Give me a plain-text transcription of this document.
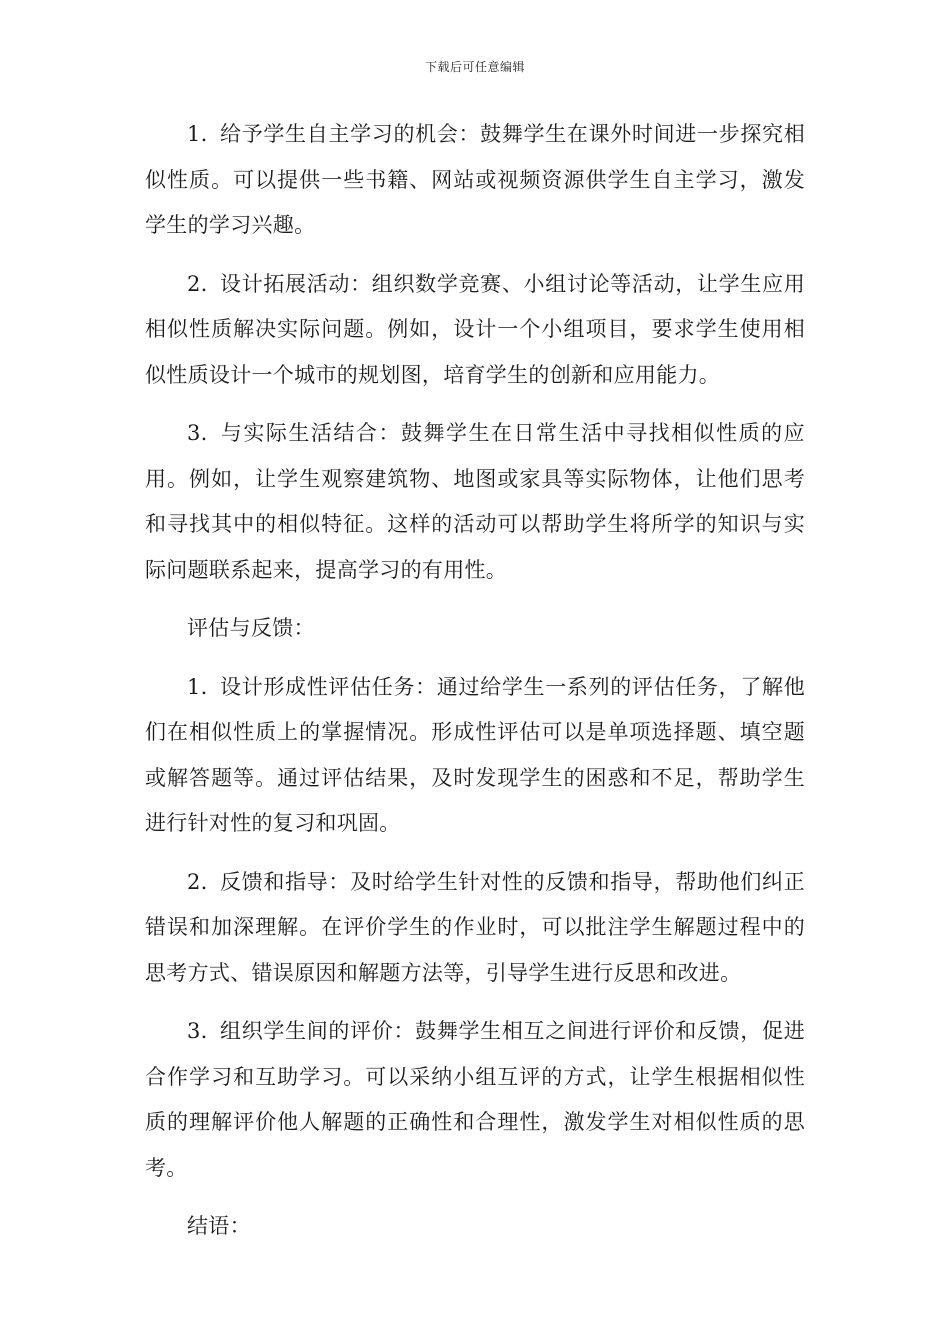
下载后可任意编辑

1. 给予学生自主学习的机会：鼓舞学生在课外时间进一步探究相似性质。可以提供一些书籍、网站或视频资源供学生自主学习，激发学生的学习兴趣。

2. 设计拓展活动：组织数学竞赛、小组讨论等活动，让学生应用相似性质解决实际问题。例如，设计一个小组项目，要求学生使用相似性质设计一个城市的规划图，培育学生的创新和应用能力。

3. 与实际生活结合：鼓舞学生在日常生活中寻找相似性质的应用。例如，让学生观察建筑物、地图或家具等实际物体，让他们思考和寻找其中的相似特征。这样的活动可以帮助学生将所学的知识与实际问题联系起来，提高学习的有用性。

评估与反馈：

1. 设计形成性评估任务：通过给学生一系列的评估任务，了解他们在相似性质上的掌握情况。形成性评估可以是单项选择题、填空题或解答题等。通过评估结果，及时发现学生的困惑和不足，帮助学生进行针对性的复习和巩固。

2. 反馈和指导：及时给学生针对性的反馈和指导，帮助他们纠正错误和加深理解。在评价学生的作业时，可以批注学生解题过程中的思考方式、错误原因和解题方法等，引导学生进行反思和改进。

3. 组织学生间的评价：鼓舞学生相互之间进行评价和反馈，促进合作学习和互助学习。可以采纳小组互评的方式，让学生根据相似性质的理解评价他人解题的正确性和合理性，激发学生对相似性质的思考。

结语：
